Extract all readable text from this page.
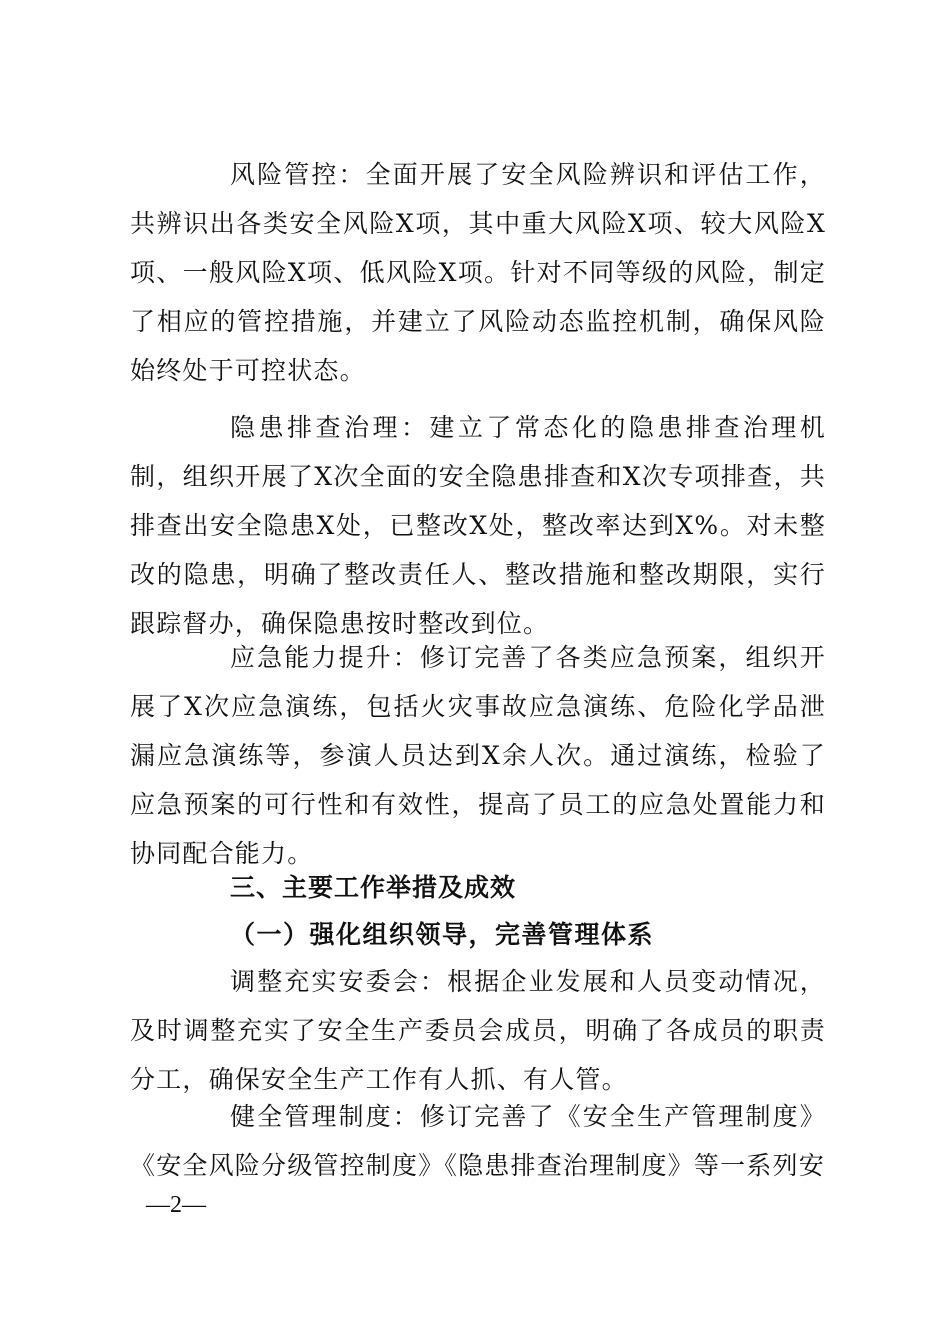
风险管控：全面开展了安全风险辨识和评估工作，共辨识出各类安全风险X项，其中重大风险X项、较大风险X项、一般风险X项、低风险X项。针对不同等级的风险，制定了相应的管控措施，并建立了风险动态监控机制，确保风险始终处于可控状态。

隐患排查治理：建立了常态化的隐患排查治理机制，组织开展了X次全面的安全隐患排查和X次专项排查，共排查出安全隐患X处，已整改X处，整改率达到X%。对未整改的隐患，明确了整改责任人、整改措施和整改期限，实行跟踪督办，确保隐患按时整改到位。

应急能力提升：修订完善了各类应急预案，组织开展了X次应急演练，包括火灾事故应急演练、危险化学品泄漏应急演练等，参演人员达到X余人次。通过演练，检验了应急预案的可行性和有效性，提高了员工的应急处置能力和协同配合能力。

三、主要工作举措及成效
（一）强化组织领导，完善管理体系

调整充实安委会：根据企业发展和人员变动情况，及时调整充实了安全生产委员会成员，明确了各成员的职责分工，确保安全生产工作有人抓、有人管。

健全管理制度：修订完善了《安全生产管理制度》《安全风险分级管控制度》《隐患排查治理制度》等一系列安

—2—
